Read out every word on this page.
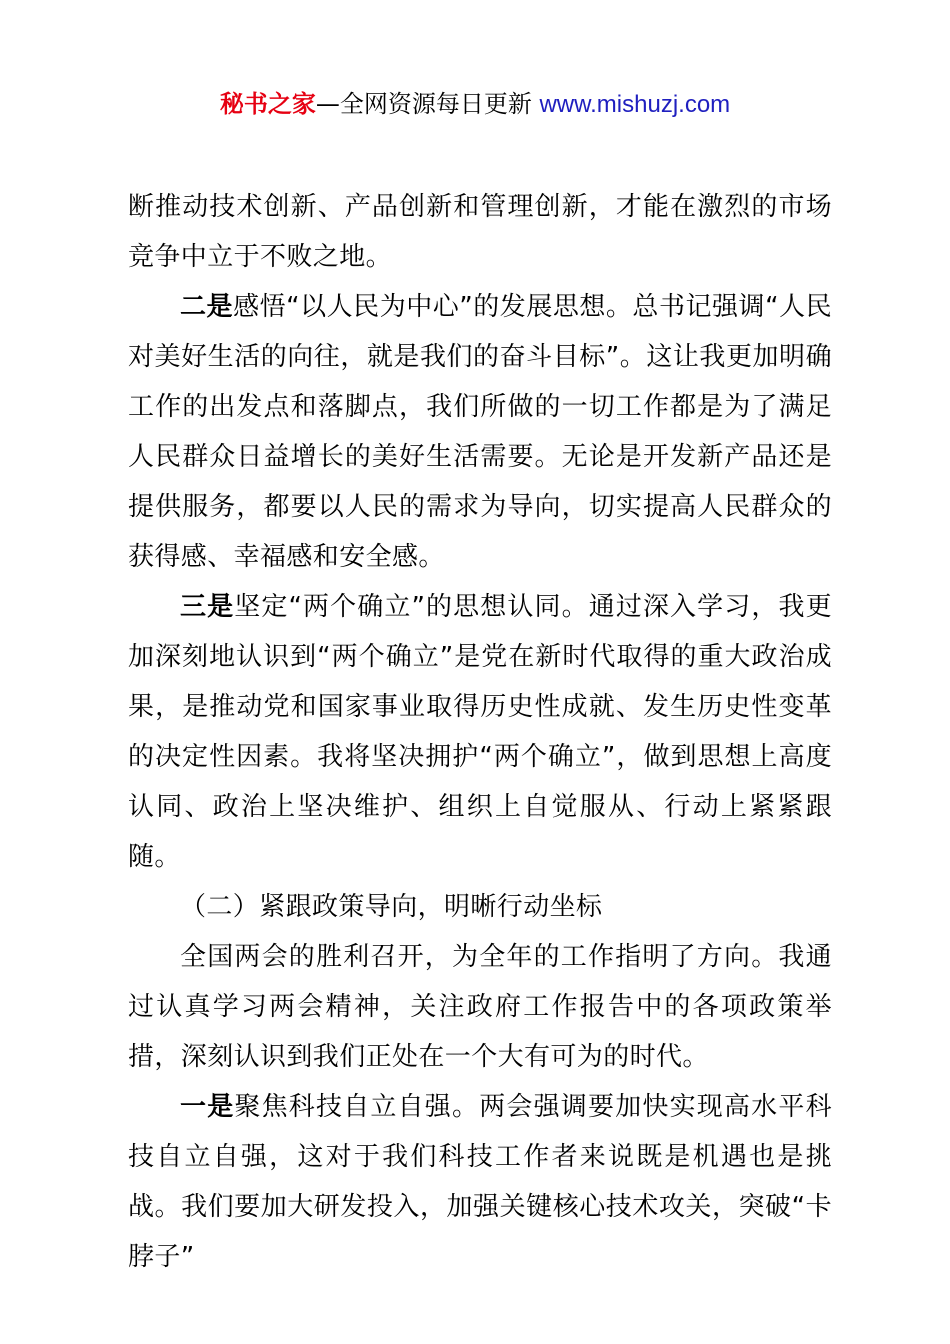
秘书之家—全网资源每日更新 www.mishuzj.com

断推动技术创新、产品创新和管理创新，才能在激烈的市场竞争中立于不败之地。

二是感悟“以人民为中心”的发展思想。总书记强调“人民对美好生活的向往，就是我们的奋斗目标”。这让我更加明确工作的出发点和落脚点，我们所做的一切工作都是为了满足人民群众日益增长的美好生活需要。无论是开发新产品还是提供服务，都要以人民的需求为导向，切实提高人民群众的获得感、幸福感和安全感。

三是坚定“两个确立”的思想认同。通过深入学习，我更加深刻地认识到“两个确立”是党在新时代取得的重大政治成果，是推动党和国家事业取得历史性成就、发生历史性变革的决定性因素。我将坚决拥护“两个确立”，做到思想上高度认同、政治上坚决维护、组织上自觉服从、行动上紧紧跟随。

（二）紧跟政策导向，明晰行动坐标

全国两会的胜利召开，为全年的工作指明了方向。我通过认真学习两会精神，关注政府工作报告中的各项政策举措，深刻认识到我们正处在一个大有可为的时代。

一是聚焦科技自立自强。两会强调要加快实现高水平科技自立自强，这对于我们科技工作者来说既是机遇也是挑战。我们要加大研发投入，加强关键核心技术攻关，突破“卡脖子”
